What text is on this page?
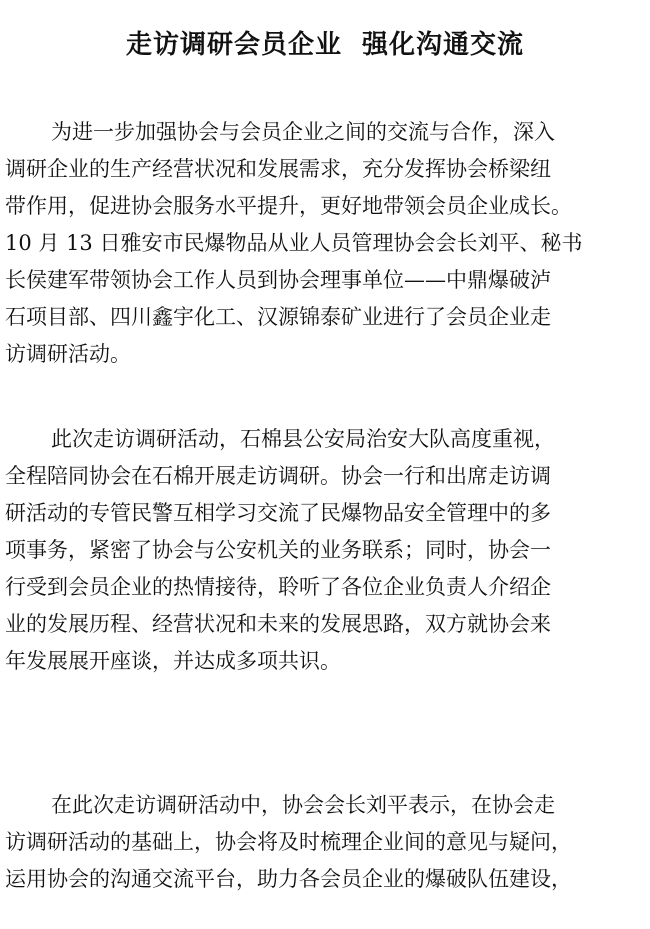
走访调研会员企业  强化沟通交流
为进一步加强协会与会员企业之间的交流与合作，深入
调研企业的生产经营状况和发展需求，充分发挥协会桥梁纽
带作用，促进协会服务水平提升，更好地带领会员企业成长。
10 月 13 日雅安市民爆物品从业人员管理协会会长刘平、秘书
长侯建军带领协会工作人员到协会理事单位——中鼎爆破泸
石项目部、四川鑫宇化工、汉源锦泰矿业进行了会员企业走
访调研活动。
此次走访调研活动，石棉县公安局治安大队高度重视，
全程陪同协会在石棉开展走访调研。协会一行和出席走访调
研活动的专管民警互相学习交流了民爆物品安全管理中的多
项事务，紧密了协会与公安机关的业务联系；同时，协会一
行受到会员企业的热情接待，聆听了各位企业负责人介绍企
业的发展历程、经营状况和未来的发展思路，双方就协会来
年发展展开座谈，并达成多项共识。
在此次走访调研活动中，协会会长刘平表示，在协会走
访调研活动的基础上，协会将及时梳理企业间的意见与疑问，
运用协会的沟通交流平台，助力各会员企业的爆破队伍建设，
